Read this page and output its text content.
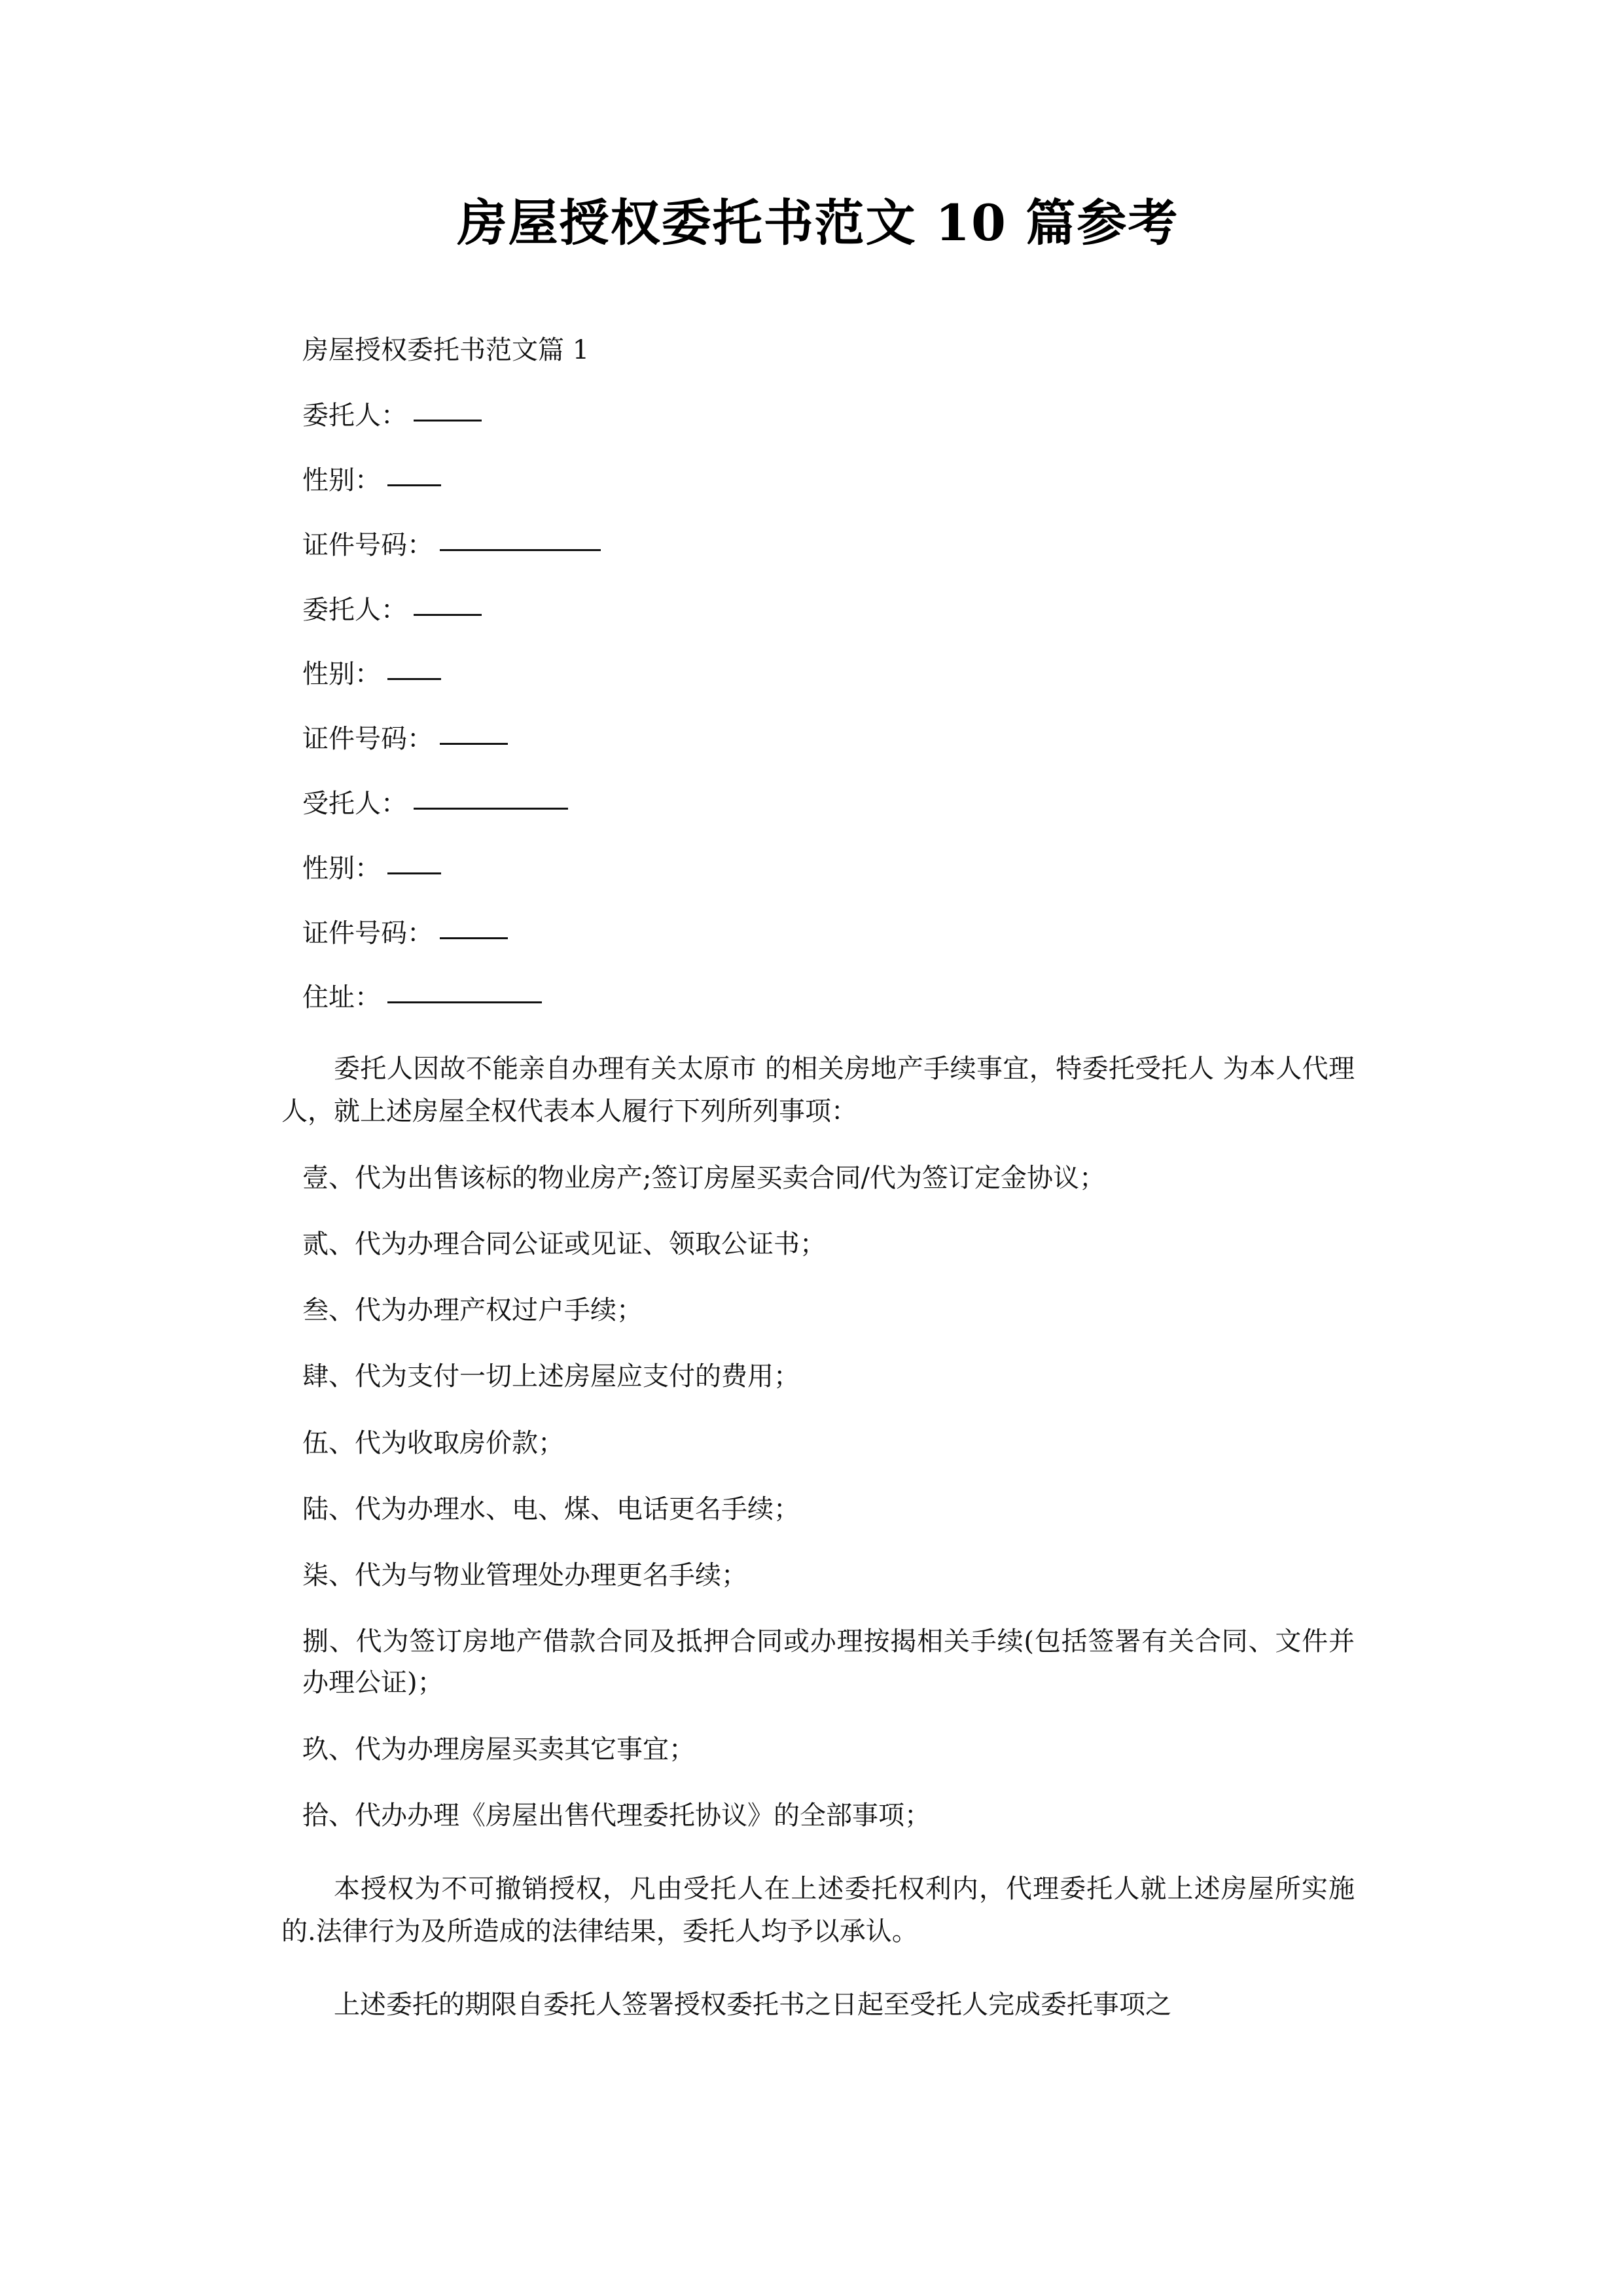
房屋授权委托书范文 10 篇参考

房屋授权委托书范文篇 1

委托人：
性别：
证件号码：
委托人：
性别：
证件号码：
受托人：
性别：
证件号码：
住址：

委托人因故不能亲自办理有关太原市 的相关房地产手续事宜，特委托受托人 为本人代理人，就上述房屋全权代表本人履行下列所列事项：

壹、代为出售该标的物业房产;签订房屋买卖合同/代为签订定金协议；

贰、代为办理合同公证或见证、领取公证书；

叁、代为办理产权过户手续；

肆、代为支付一切上述房屋应支付的费用；

伍、代为收取房价款；

陆、代为办理水、电、煤、电话更名手续；

柒、代为与物业管理处办理更名手续；

捌、代为签订房地产借款合同及抵押合同或办理按揭相关手续(包括签署有关合同、文件并办理公证)；

玖、代为办理房屋买卖其它事宜；

拾、代办办理《房屋出售代理委托协议》的全部事项；

本授权为不可撤销授权，凡由受托人在上述委托权利内，代理委托人就上述房屋所实施的.法律行为及所造成的法律结果，委托人均予以承认。

上述委托的期限自委托人签署授权委托书之日起至受托人完成委托事项之
